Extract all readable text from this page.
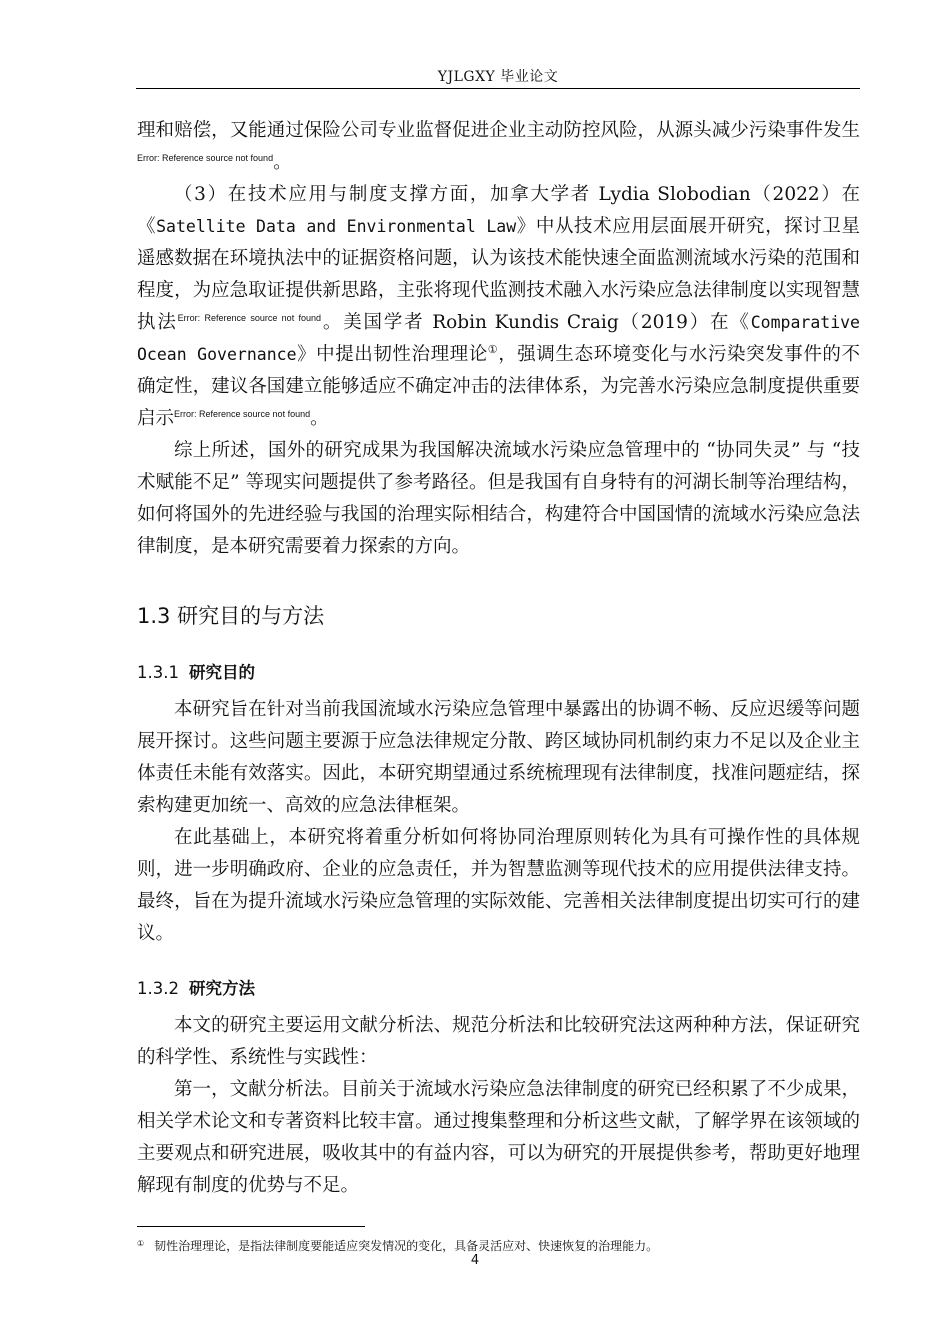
YJLGXY 毕业论文

理和赔偿，又能通过保险公司专业监督促进企业主动防控风险，从源头减少污染事件发生$^{Error: Reference source not found}$。

（3）在技术应用与制度支撑方面，加拿大学者 Lydia Slobodian（2022）在《Satellite Data and Environmental Law》中从技术应用层面展开研究，探讨卫星遥感数据在环境执法中的证据资格问题，认为该技术能快速全面监测流域水污染的范围和程度，为应急取证提供新思路，主张将现代监测技术融入水污染应急法律制度以实现智慧执法$^{Error: Reference source not found}$。美国学者 Robin Kundis Craig（2019）在《Comparative Ocean Governance》中提出韧性治理理论①，强调生态环境变化与水污染突发事件的不确定性，建议各国建立能够适应不确定冲击的法律体系，为完善水污染应急制度提供重要启示$^{Error: Reference source not found}$。

综上所述，国外的研究成果为我国解决流域水污染应急管理中的 “协同失灵” 与 “技术赋能不足” 等现实问题提供了参考路径。但是我国有自身特有的河湖长制等治理结构，如何将国外的先进经验与我国的治理实际相结合，构建符合中国国情的流域水污染应急法律制度，是本研究需要着力探索的方向。

1.3 研究目的与方法
1.3.1 研究目的

本研究旨在针对当前我国流域水污染应急管理中暴露出的协调不畅、反应迟缓等问题展开探讨。这些问题主要源于应急法律规定分散、跨区域协同机制约束力不足以及企业主体责任未能有效落实。因此，本研究期望通过系统梳理现有法律制度，找准问题症结，探索构建更加统一、高效的应急法律框架。

在此基础上，本研究将着重分析如何将协同治理原则转化为具有可操作性的具体规则，进一步明确政府、企业的应急责任，并为智慧监测等现代技术的应用提供法律支持。最终，旨在为提升流域水污染应急管理的实际效能、完善相关法律制度提出切实可行的建议。

1.3.2 研究方法

本文的研究主要运用文献分析法、规范分析法和比较研究法这两种种方法，保证研究的科学性、系统性与实践性：

第一，文献分析法。目前关于流域水污染应急法律制度的研究已经积累了不少成果，相关学术论文和专著资料比较丰富。通过搜集整理和分析这些文献，了解学界在该领域的主要观点和研究进展，吸收其中的有益内容，可以为研究的开展提供参考，帮助更好地理解现有制度的优势与不足。

① 韧性治理理论，是指法律制度要能适应突发情况的变化，具备灵活应对、快速恢复的治理能力。
4
